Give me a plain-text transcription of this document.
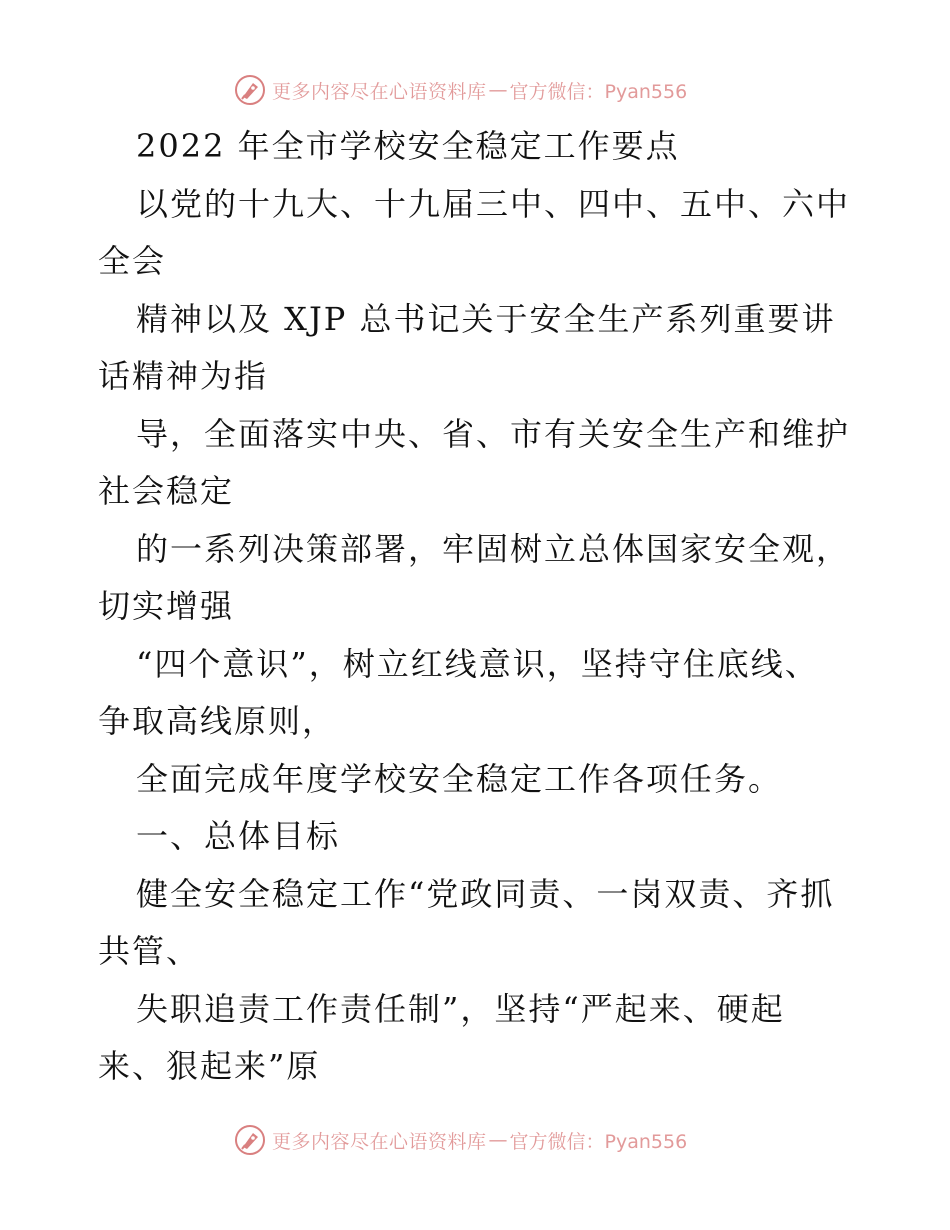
更多内容尽在心语资料库 — 官方微信：Pyan556
2022 年全市学校安全稳定工作要点
以党的十九大、十九届三中、四中、五中、六中
全会
精神以及 XJP 总书记关于安全生产系列重要讲
话精神为指
导，全面落实中央、省、市有关安全生产和维护
社会稳定
的一系列决策部署，牢固树立总体国家安全观，
切实增强
“四个意识”，树立红线意识，坚持守住底线、
争取高线原则，
全面完成年度学校安全稳定工作各项任务。
一、总体目标
健全安全稳定工作“党政同责、一岗双责、齐抓
共管、
失职追责工作责任制”，坚持“严起来、硬起
来、狠起来”原
更多内容尽在心语资料库 — 官方微信：Pyan556
